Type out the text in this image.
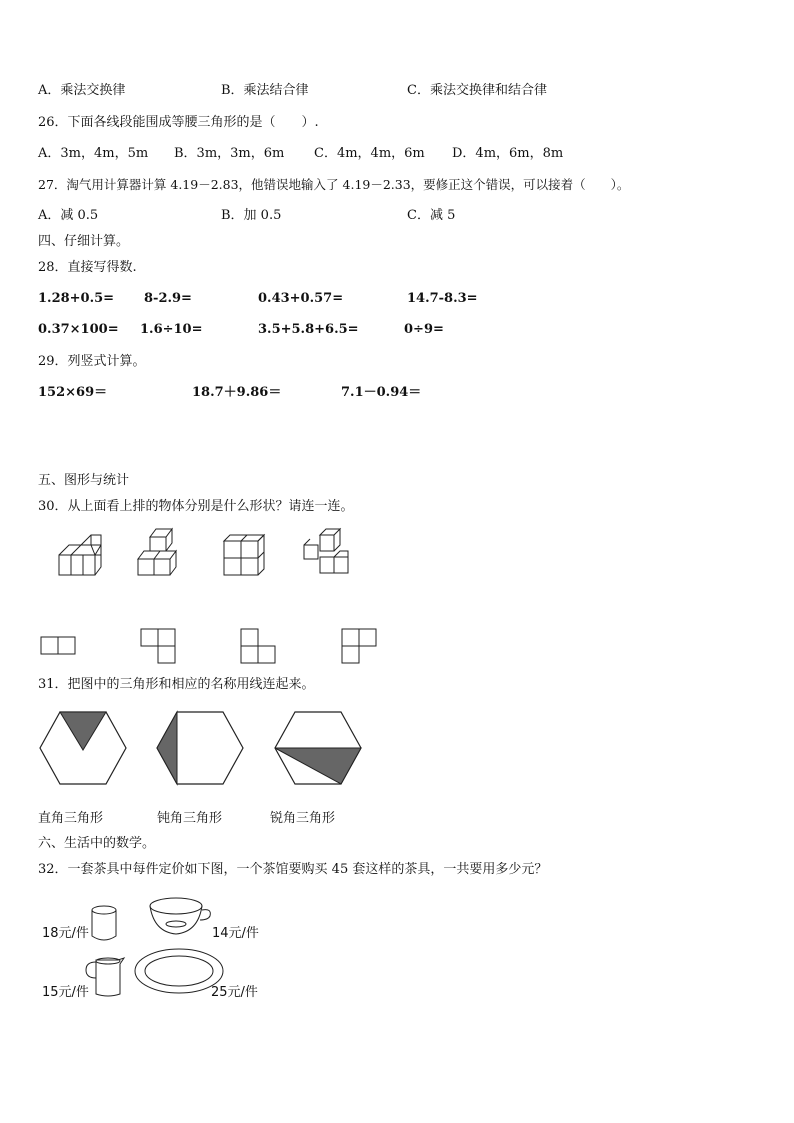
A．乘法交换律	B．乘法结合律	C．乘法交换律和结合律
26．下面各线段能围成等腰三角形的是（　　）.
A．3m，4m，5m B．3m，3m，6m C．4m，4m，6m D．4m，6m，8m
27．淘气用计算器计算 4.19－2.83，他错误地输入了 4.19－2.33，要修正这个错误，可以接着（　　）。
A．减 0.5	B．加 0.5	C．减 5
四、仔细计算。
28．直接写得数.
1.28+0.5= 8-2.9=	0.43+0.57=	14.7-8.3=
0.37×100= 1.6÷10=	3.5+5.8+6.5=	0÷9=
29．列竖式计算。
152×69＝	18.7＋9.86＝	7.1－0.94＝
五、图形与统计
30．从上面看上排的物体分别是什么形状？请连一连。
31．把图中的三角形和相应的名称用线连起来。
直角三角形	钝角三角形	锐角三角形
六、生活中的数学。
32．一套茶具中每件定价如下图，一个茶馆要购买 45 套这样的茶具，一共要用多少元？
18元/件	14元/件
15元/件	25元/件
